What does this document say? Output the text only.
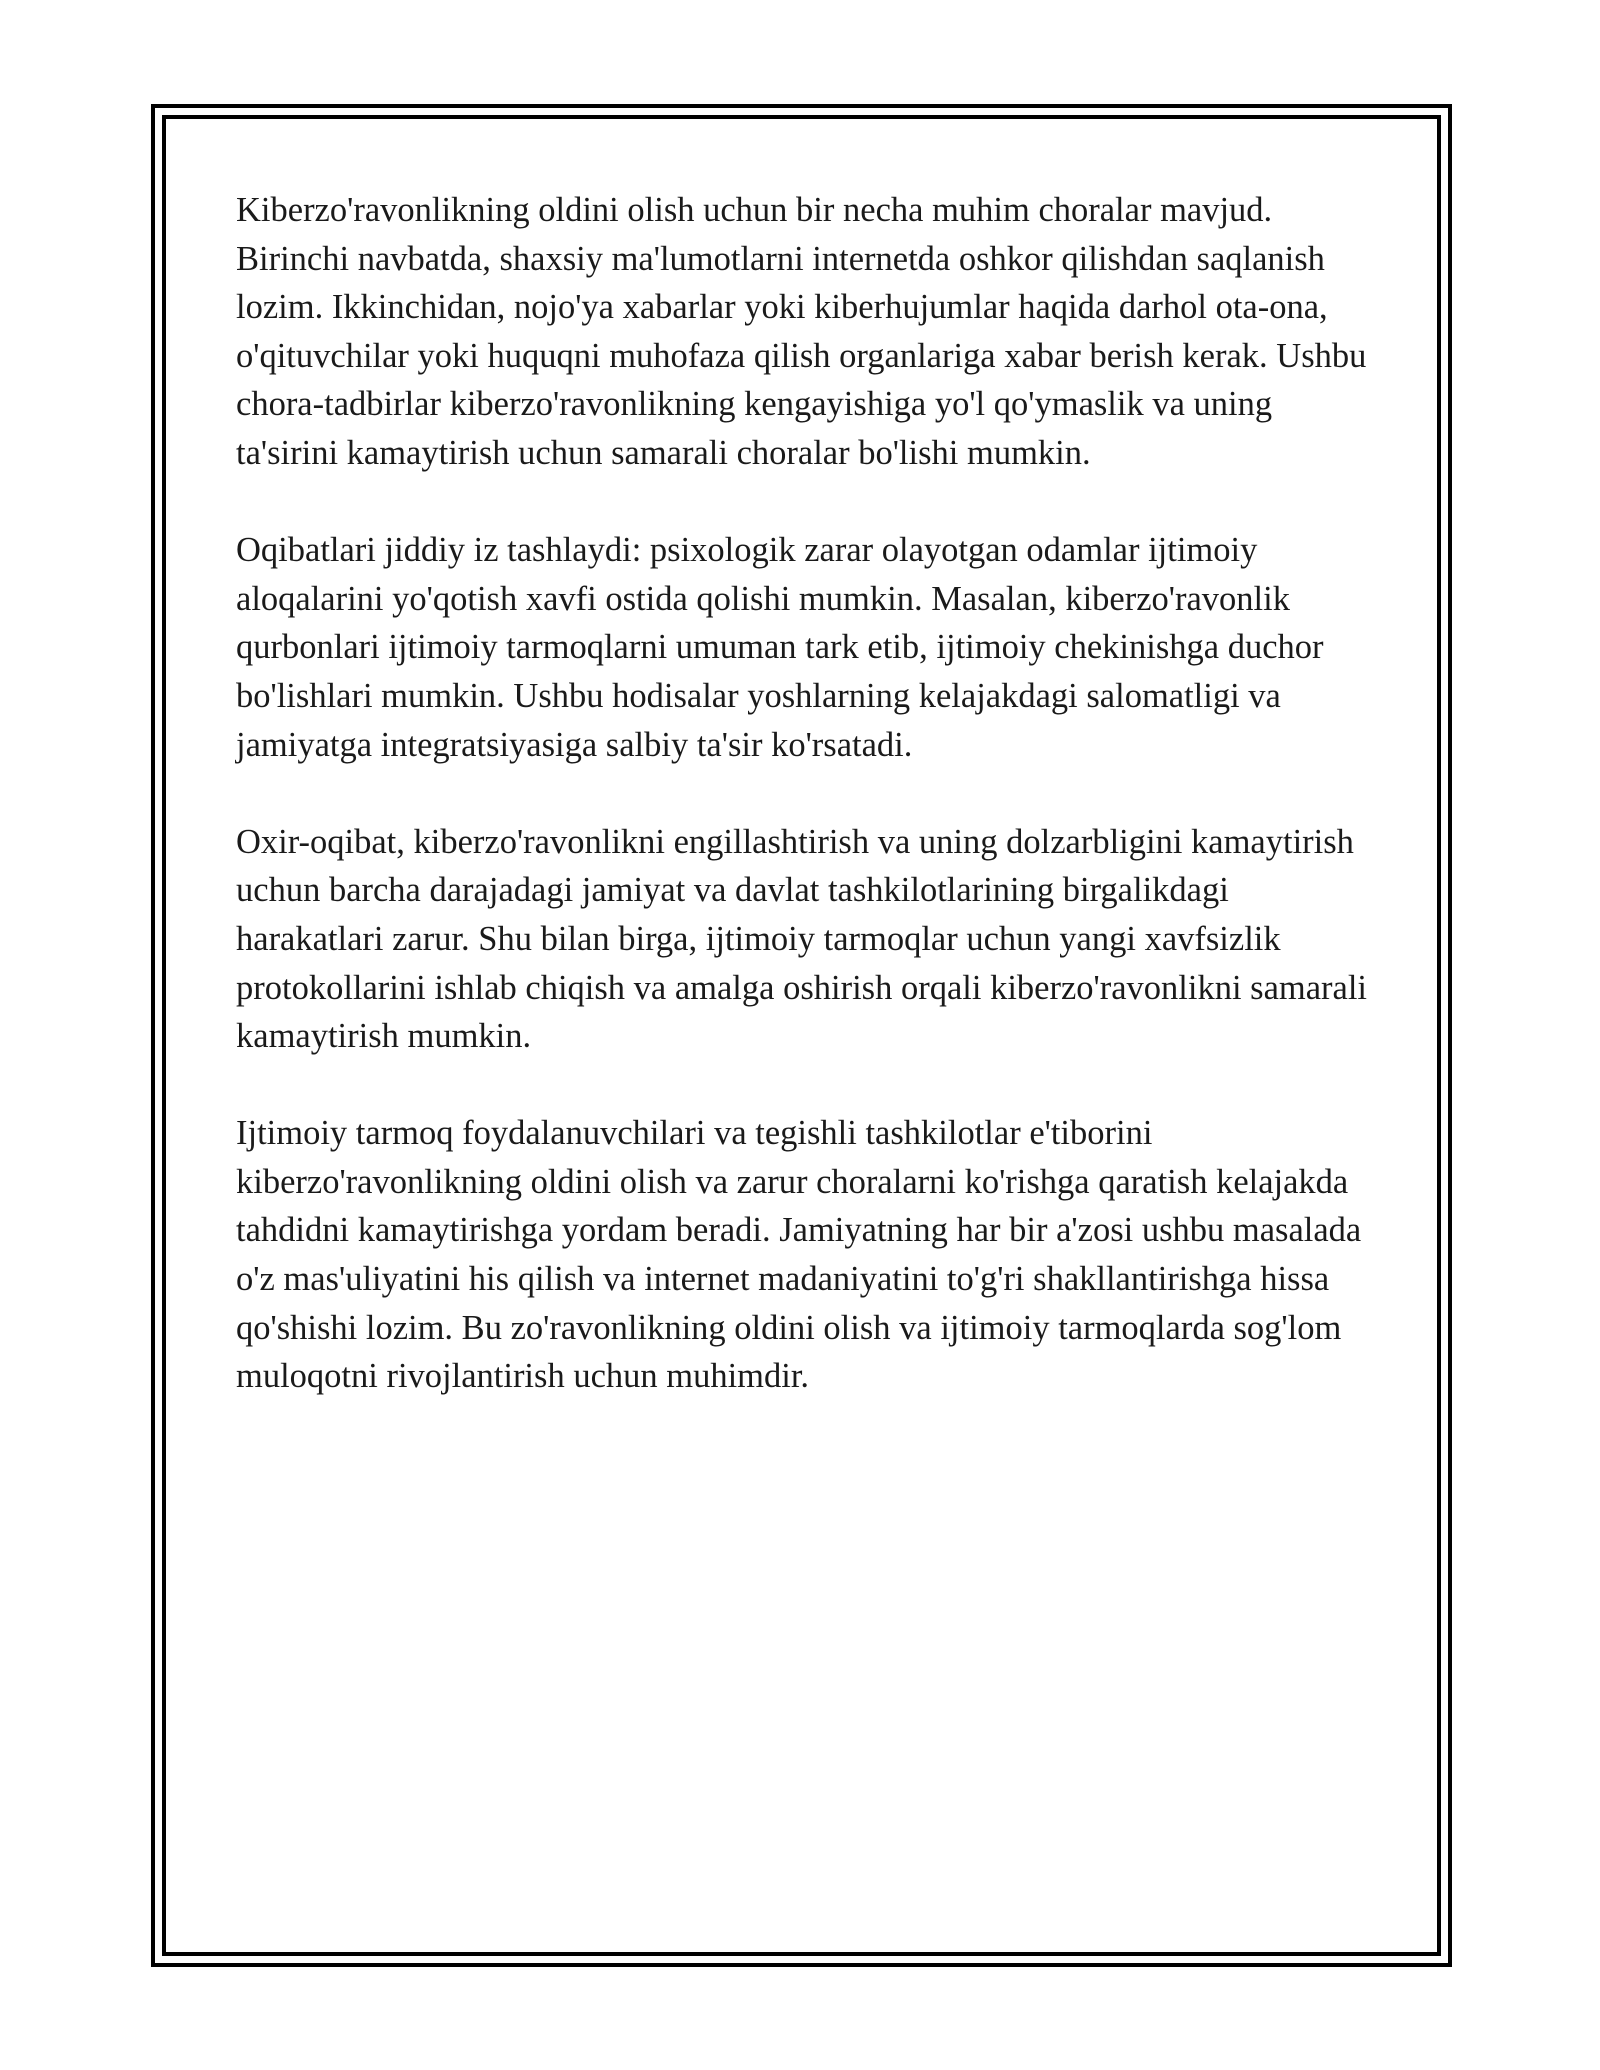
Kiberzo'ravonlikning oldini olish uchun bir necha muhim choralar mavjud. Birinchi navbatda, shaxsiy ma'lumotlarni internetda oshkor qilishdan saqlanish lozim. Ikkinchidan, nojo'ya xabarlar yoki kiberhujumlar haqida darhol ota-ona, o'qituvchilar yoki huquqni muhofaza qilish organlariga xabar berish kerak. Ushbu chora-tadbirlar kiberzo'ravonlikning kengayishiga yo'l qo'ymaslik va uning ta'sirini kamaytirish uchun samarali choralar bo'lishi mumkin.

Oqibatlari jiddiy iz tashlaydi: psixologik zarar olayotgan odamlar ijtimoiy aloqalarini yo'qotish xavfi ostida qolishi mumkin. Masalan, kiberzo'ravonlik qurbonlari ijtimoiy tarmoqlarni umuman tark etib, ijtimoiy chekinishga duchor bo'lishlari mumkin. Ushbu hodisalar yoshlarning kelajakdagi salomatligi va jamiyatga integratsiyasiga salbiy ta'sir ko'rsatadi.

Oxir-oqibat, kiberzo'ravonlikni engillashtirish va uning dolzarbligini kamaytirish uchun barcha darajadagi jamiyat va davlat tashkilotlarining birgalikdagi harakatlari zarur. Shu bilan birga, ijtimoiy tarmoqlar uchun yangi xavfsizlik protokollarini ishlab chiqish va amalga oshirish orqali kiberzo'ravonlikni samarali kamaytirish mumkin.

Ijtimoiy tarmoq foydalanuvchilari va tegishli tashkilotlar e'tiborini kiberzo'ravonlikning oldini olish va zarur choralarni ko'rishga qaratish kelajakda tahdidni kamaytirishga yordam beradi. Jamiyatning har bir a'zosi ushbu masalada o'z mas'uliyatini his qilish va internet madaniyatini to'g'ri shakllantirishga hissa qo'shishi lozim. Bu zo'ravonlikning oldini olish va ijtimoiy tarmoqlarda sog'lom muloqotni rivojlantirish uchun muhimdir.
